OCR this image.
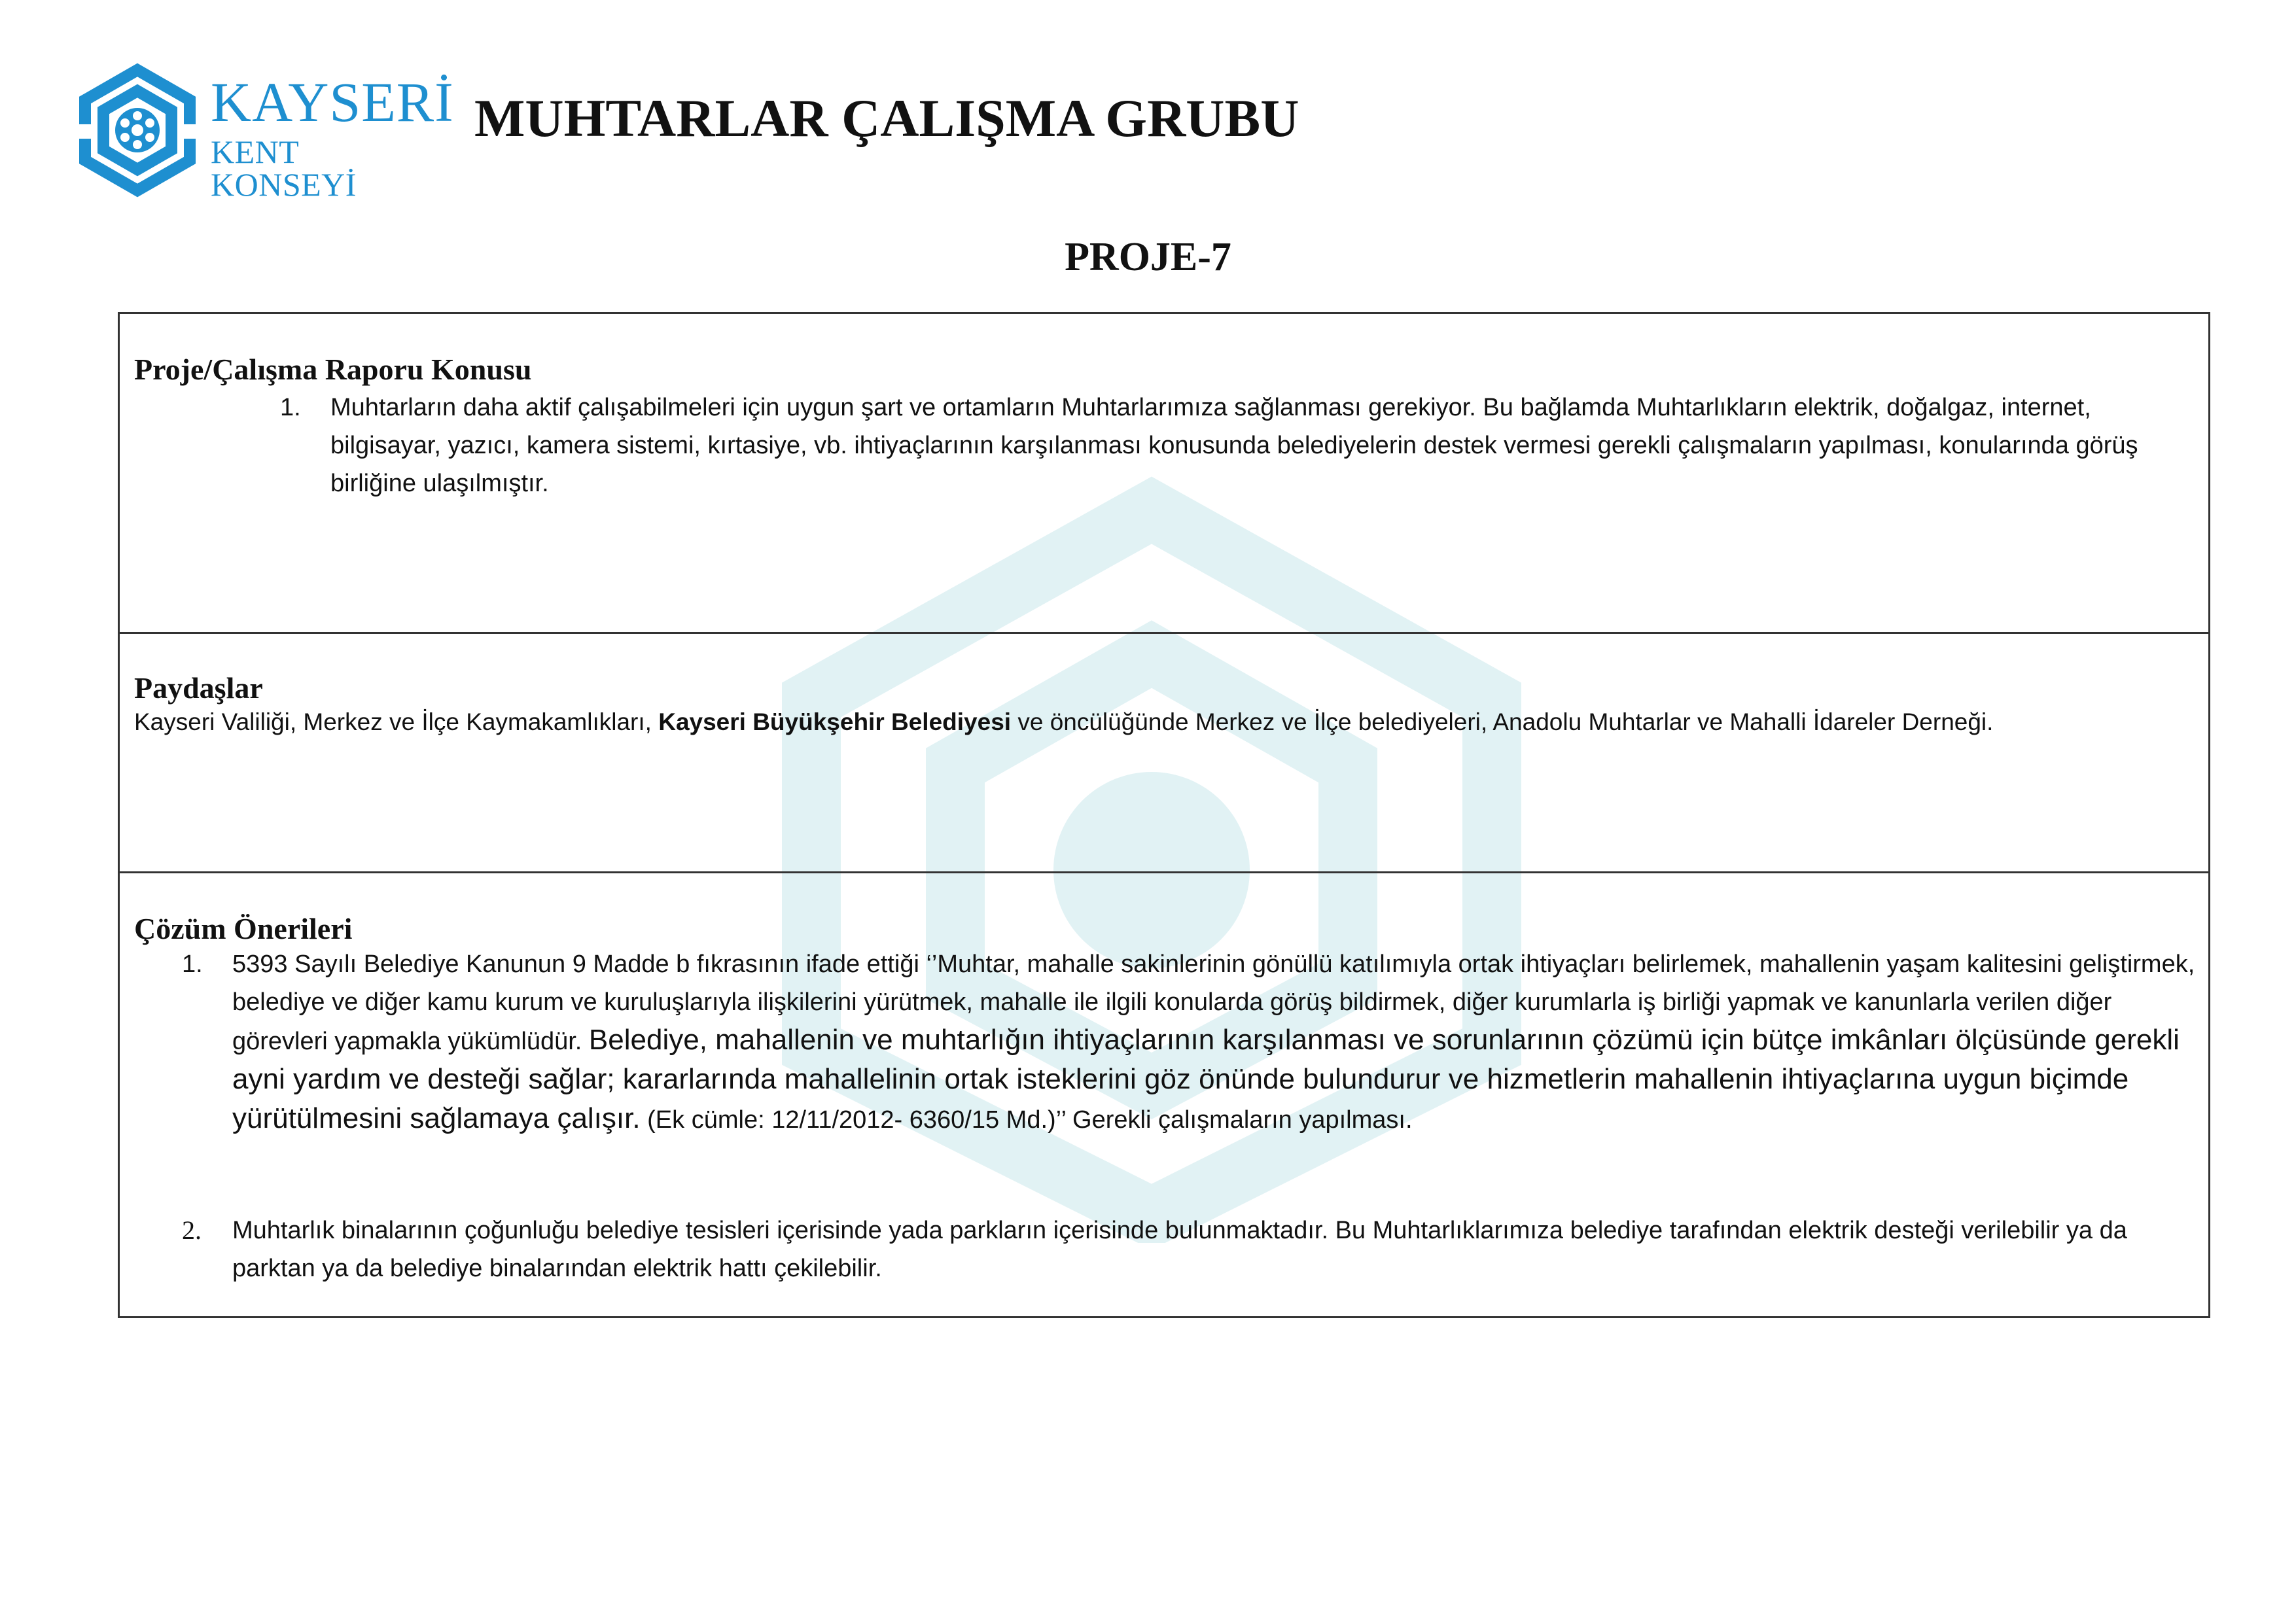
KAYSERİ
KENT KONSEYİ
MUHTARLAR ÇALIŞMA GRUBU
PROJE-7
Proje/Çalışma Raporu Konusu
1. Muhtarların daha aktif çalışabilmeleri için uygun şart ve ortamların Muhtarlarımıza sağlanması gerekiyor. Bu bağlamda Muhtarlıkların elektrik, doğalgaz, internet, bilgisayar, yazıcı, kamera sistemi, kırtasiye, vb. ihtiyaçlarının karşılanması konusunda belediyelerin destek vermesi gerekli çalışmaların yapılması, konularında görüş birliğine ulaşılmıştır.
Paydaşlar
Kayseri Valiliği, Merkez ve İlçe Kaymakamlıkları, Kayseri Büyükşehir Belediyesi ve öncülüğünde Merkez ve İlçe belediyeleri, Anadolu Muhtarlar ve Mahalli İdareler Derneği.
Çözüm Önerileri
1. 5393 Sayılı Belediye Kanunun 9 Madde b fıkrasının ifade ettiği ‘’Muhtar, mahalle sakinlerinin gönüllü katılımıyla ortak ihtiyaçları belirlemek, mahallenin yaşam kalitesini geliştirmek, belediye ve diğer kamu kurum ve kuruluşlarıyla ilişkilerini yürütmek, mahalle ile ilgili konularda görüş bildirmek, diğer kurumlarla iş birliği yapmak ve kanunlarla verilen diğer görevleri yapmakla yükümlüdür. Belediye, mahallenin ve muhtarlığın ihtiyaçlarının karşılanması ve sorunlarının çözümü için bütçe imkânları ölçüsünde gerekli ayni yardım ve desteği sağlar; kararlarında mahallelinin ortak isteklerini göz önünde bulundurur ve hizmetlerin mahallenin ihtiyaçlarına uygun biçimde yürütülmesini sağlamaya çalışır. (Ek cümle: 12/11/2012- 6360/15 Md.)’’ Gerekli çalışmaların yapılması.
2. Muhtarlık binalarının çoğunluğu belediye tesisleri içerisinde yada parkların içerisinde bulunmaktadır. Bu Muhtarlıklarımıza belediye tarafından elektrik desteği verilebilir ya da parktan ya da belediye binalarından elektrik hattı çekilebilir.
